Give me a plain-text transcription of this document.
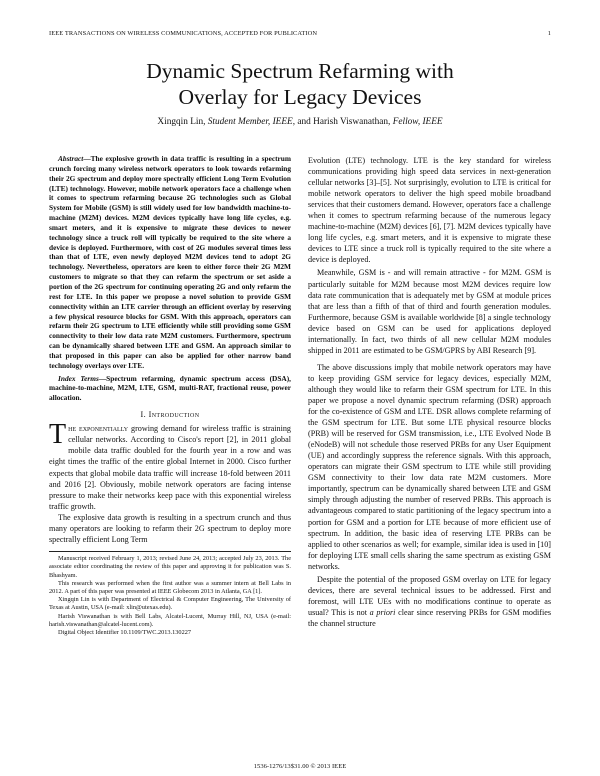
IEEE TRANSACTIONS ON WIRELESS COMMUNICATIONS, ACCEPTED FOR PUBLICATION	1
Dynamic Spectrum Refarming with
Overlay for Legacy Devices
Xingqin Lin, Student Member, IEEE, and Harish Viswanathan, Fellow, IEEE

Abstract—The explosive growth in data traffic is resulting in a spectrum crunch forcing many wireless network operators to look towards refarming their 2G spectrum and deploy more spectrally efficient Long Term Evolution (LTE) technology. However, mobile network operators face a challenge when it comes to spectrum refarming because 2G technologies such as Global System for Mobile (GSM) is still widely used for low bandwidth machine-to-machine (M2M) devices. M2M devices typically have long life cycles, e.g. smart meters, and it is expensive to migrate these devices to newer technology since a truck roll will typically be required to the site where a device is deployed. Furthermore, with cost of 2G modules several times less than that of LTE, even newly deployed M2M devices tend to adopt 2G technology. Nevertheless, operators are keen to either force their 2G M2M customers to migrate so that they can refarm the spectrum or set aside a portion of the 2G spectrum for continuing operating 2G and only refarm the rest for LTE. In this paper we propose a novel solution to provide GSM connectivity within an LTE carrier through an efficient overlay by reserving a few physical resource blocks for GSM. With this approach, operators can refarm their 2G spectrum to LTE efficiently while still providing some GSM connectivity to their low data rate M2M customers. Furthermore, spectrum can be dynamically shared between LTE and GSM. An approach similar to that proposed in this paper can also be applied for other narrow band technology overlays over LTE.

Index Terms—Spectrum refarming, dynamic spectrum access (DSA), machine-to-machine, M2M, LTE, GSM, multi-RAT, fractional reuse, power allocation.

I. Introduction

The exponentially growing demand for wireless traffic is straining cellular networks. According to Cisco's report [2], in 2011 global mobile data traffic doubled for the fourth year in a row and was eight times the traffic of the entire global Internet in 2000. Cisco further expects that global mobile data traffic will increase 18-fold between 2011 and 2016 [2]. Obviously, mobile network operators are facing intense pressure to make their networks keep pace with this exponential wireless traffic growth.

The explosive data growth is resulting in a spectrum crunch and thus many operators are looking to refarm their 2G spectrum to deploy more spectrally efficient Long Term

Manuscript received February 1, 2013; revised June 24, 2013; accepted July 23, 2013. The associate editor coordinating the review of this paper and approving it for publication was S. Bhashyam.

This research was performed when the first author was a summer intern at Bell Labs in 2012. A part of this paper was presented at IEEE Globecom 2013 in Atlanta, GA [1].

Xingqin Lin is with Department of Electrical & Computer Engineering, The University of Texas at Austin, USA (e-mail: xlin@utexas.edu).

Harish Viswanathan is with Bell Labs, Alcatel-Lucent, Murray Hill, NJ, USA (e-mail: harish.viswanathan@alcatel-lucent.com).

Digital Object Identifier 10.1109/TWC.2013.130227

Evolution (LTE) technology. LTE is the key standard for wireless communications providing high speed data services in next-generation cellular networks [3]–[5]. Not surprisingly, evolution to LTE is critical for mobile network operators to deliver the high speed mobile broadband services that their customers demand. However, operators face a challenge when it comes to spectrum refarming because of the numerous legacy machine-to-machine (M2M) devices [6], [7]. M2M devices typically have long life cycles, e.g. smart meters, and it is expensive to migrate these devices to LTE since a truck roll is typically required to the site where a device is deployed.

Meanwhile, GSM is - and will remain attractive - for M2M. GSM is particularly suitable for M2M because most M2M devices require low data rate communication that is adequately met by GSM at module prices that are less than a fifth of that of third and fourth generation modules. Furthermore, because GSM is available worldwide [8] a single technology device based on GSM can be used for applications deployed internationally. In fact, two thirds of all new cellular M2M modules shipped in 2011 are estimated to be GSM/GPRS by ABI Research [9].

The above discussions imply that mobile network operators may have to keep providing GSM service for legacy devices, especially M2M, although they would like to refarm their GSM spectrum for LTE. In this paper we propose a novel dynamic spectrum refarming (DSR) approach for the co-existence of GSM and LTE. DSR allows complete refarming of the GSM spectrum for LTE. But some LTE physical resource blocks (PRB) will be reserved for GSM transmission, i.e., LTE Evolved Node B (eNodeB) will not schedule those reserved PRBs for any User Equipment (UE) and accordingly suppress the reference signals. With this approach, operators can migrate their GSM spectrum to LTE while still providing GSM connectivity to their low data rate M2M customers. More importantly, spectrum can be dynamically shared between LTE and GSM simply through adjusting the number of reserved PRBs. This approach is advantageous compared to static partitioning of the legacy spectrum into a portion for GSM and a portion for LTE because of more efficient use of spectrum. In addition, the basic idea of reserving LTE PRBs can be applied to other scenarios as well; for example, similar idea is used in [10] for deploying LTE small cells sharing the same spectrum as existing GSM networks.

Despite the potential of the proposed GSM overlay on LTE for legacy devices, there are several technical issues to be addressed. First and foremost, will LTE UEs with no modifications continue to operate as usual? This is not a priori clear since reserving PRBs for GSM modifies the channel structure

1536-1276/13$31.00 © 2013 IEEE
